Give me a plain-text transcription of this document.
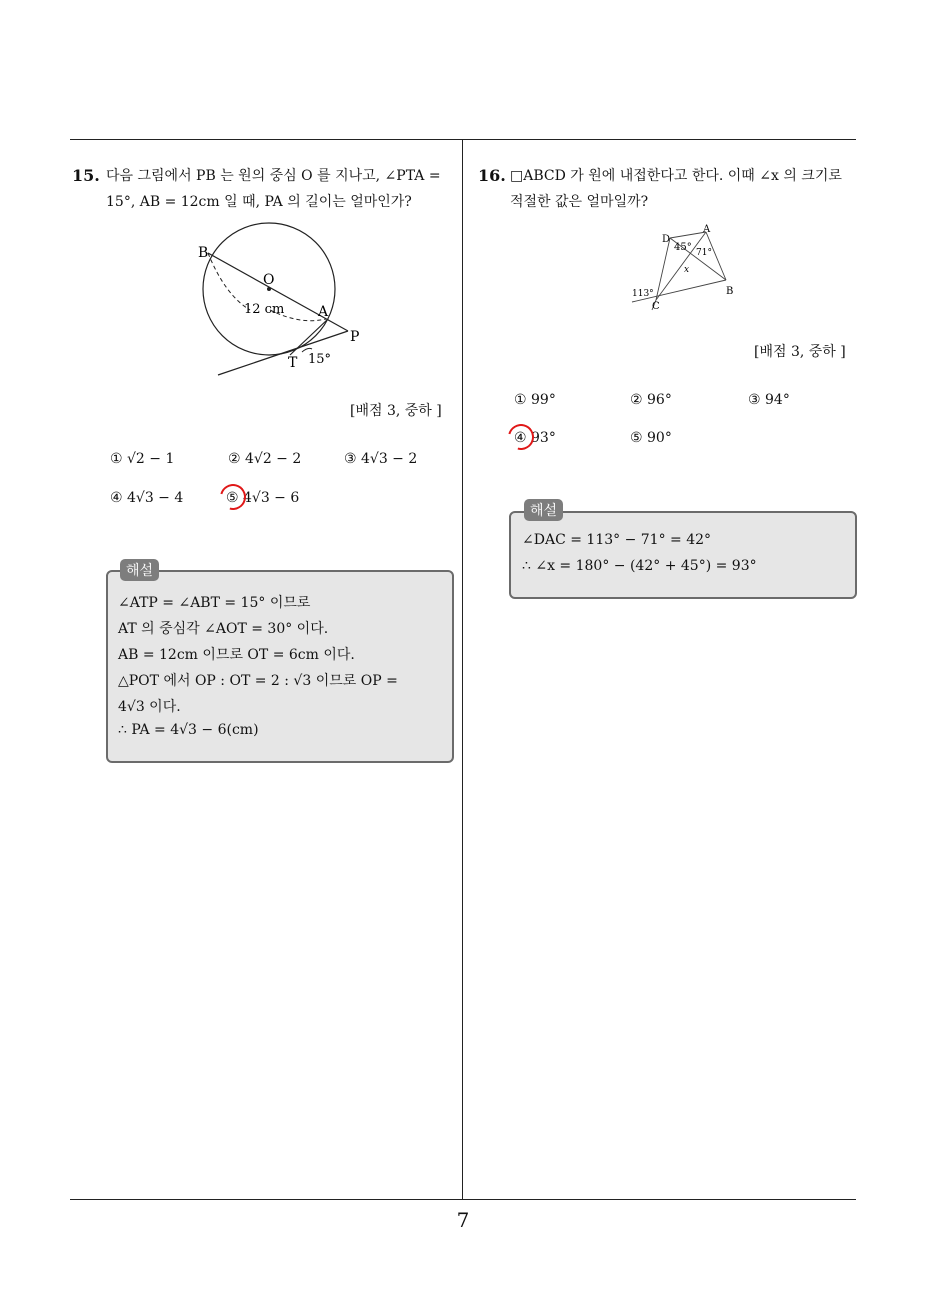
15. 다음 그림에서 PB 는 원의 중심 O 를 지나고, ∠PTA =
15°, AB = 12cm 일 때, PA 의 길이는 얼마인가?
B
O
12 cm A
P
T 15°
[배점 3, 중하 ]
① √2 − 1	② 4√2 − 2	③ 4√3 − 2
④ 4√3 − 4	⑤ 4√3 − 6
해설
∠ATP = ∠ABT = 15° 이므로
AT 의 중심각 ∠AOT = 30° 이다.
AB = 12cm 이므로 OT = 6cm 이다.
△POT 에서 OP : OT = 2 : √3 이므로 OP =
4√3 이다.
∴ PA = 4√3 − 6(cm)
16. □ABCD 가 원에 내접한다고 한다. 이때 ∠x 의 크기로
적절한 값은 얼마일까?
D
A
B
C
45° 71°
x
113°
[배점 3, 중하 ]
① 99°	② 96°	③ 94°
④ 93°	⑤ 90°
해설
∠DAC = 113° − 71° = 42°
∴ ∠x = 180° − (42° + 45°) = 93°
7
